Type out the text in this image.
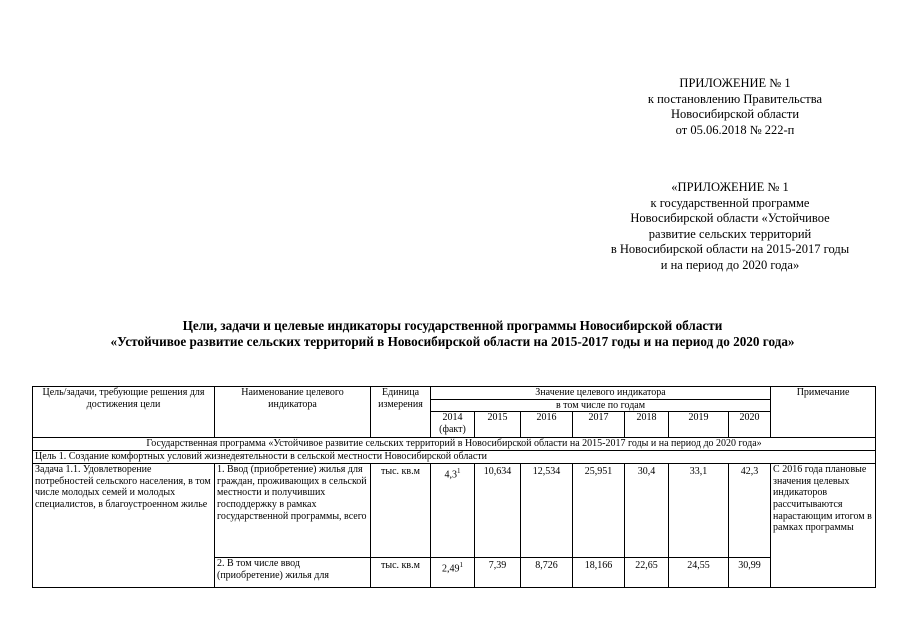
ПРИЛОЖЕНИЕ № 1
к постановлению Правительства
Новосибирской области
от 05.06.2018 № 222-п
«ПРИЛОЖЕНИЕ № 1
к государственной программе
Новосибирской области «Устойчивое
развитие сельских территорий
в Новосибирской области на 2015-2017 годы
и на период до 2020 года»
Цели, задачи и целевые индикаторы государственной программы Новосибирской области
«Устойчивое развитие сельских территорий в Новосибирской области на 2015-2017 годы и на период до 2020 года»
Цель/задачи, требующие решения для достижения цели	Наименование целевого индикатора	Единица измерения	Значение целевого индикатора							Примечание
			в том числе по годам							
			2014 (факт)	2015	2016	2017	2018	2019	2020	
Государственная программа «Устойчивое развитие сельских территорий в Новосибирской области на 2015-2017 годы и на период до 2020 года»										
Цель 1. Создание комфортных условий жизнедеятельности в сельской местности Новосибирской области										
Задача 1.1. Удовлетворение потребностей сельского населения, в том числе молодых семей и молодых специалистов, в благоустроенном жилье	1. Ввод (приобретение) жилья для граждан, проживающих в сельской местности и получивших господдержку в рамках государственной программы, всего	тыс. кв.м	$4,3^1$	10,634	12,534	25,951	30,4	33,1	42,3	С 2016 года плановые значения целевых индикаторов рассчитываются нарастающим итогом в рамках программы
	2. В том числе ввод (приобретение) жилья для	тыс. кв.м	2,49$^1$	7,39	8,726	18,166	22,65	24,55	30,99	
